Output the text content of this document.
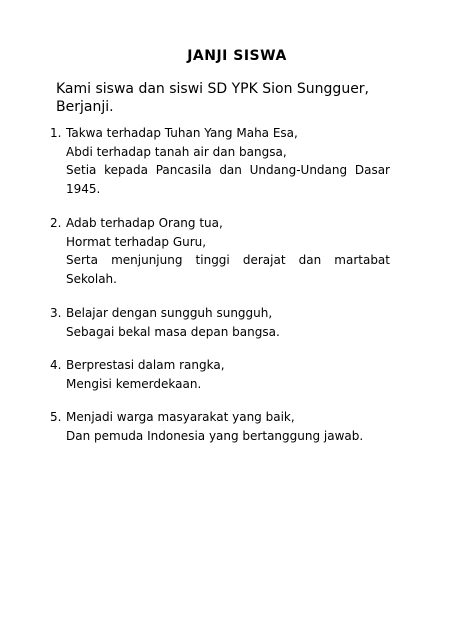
JANJI SISWA
Kami siswa dan siswi SD YPK Sion Sungguer,
Berjanji.
1. Takwa terhadap Tuhan Yang Maha Esa,
Abdi terhadap tanah air dan bangsa,
Setia kepada Pancasila dan Undang-Undang Dasar
1945.
2. Adab terhadap Orang tua,
Hormat terhadap Guru,
Serta menjunjung tinggi derajat dan martabat
Sekolah.
3. Belajar dengan sungguh sungguh,
Sebagai bekal masa depan bangsa.
4. Berprestasi dalam rangka,
Mengisi kemerdekaan.
5. Menjadi warga masyarakat yang baik,
Dan pemuda Indonesia yang bertanggung jawab.
